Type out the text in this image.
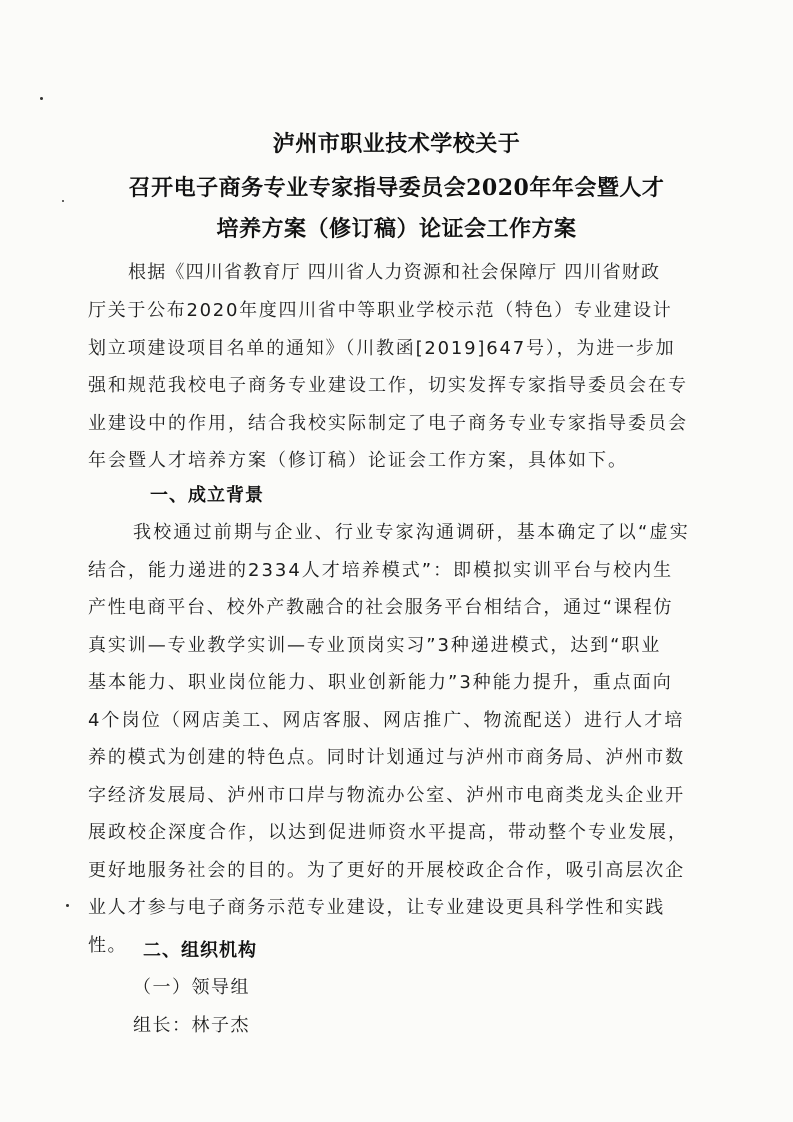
泸州市职业技术学校关于
召开电子商务专业专家指导委员会2020年年会暨人才
培养方案（修订稿）论证会工作方案
根据《四川省教育厅 四川省人力资源和社会保障厅 四川省财政
厅关于公布2020年度四川省中等职业学校示范（特色）专业建设计
划立项建设项目名单的通知》（川教函[2019]647号），为进一步加
强和规范我校电子商务专业建设工作，切实发挥专家指导委员会在专
业建设中的作用，结合我校实际制定了电子商务专业专家指导委员会
年会暨人才培养方案（修订稿）论证会工作方案，具体如下。
一、成立背景
我校通过前期与企业、行业专家沟通调研，基本确定了以“虚实
结合，能力递进的2334人才培养模式”：即模拟实训平台与校内生
产性电商平台、校外产教融合的社会服务平台相结合，通过“课程仿
真实训—专业教学实训—专业顶岗实习”3种递进模式，达到“职业
基本能力、职业岗位能力、职业创新能力”3种能力提升，重点面向
4个岗位（网店美工、网店客服、网店推广、物流配送）进行人才培
养的模式为创建的特色点。同时计划通过与泸州市商务局、泸州市数
字经济发展局、泸州市口岸与物流办公室、泸州市电商类龙头企业开
展政校企深度合作，以达到促进师资水平提高，带动整个专业发展，
更好地服务社会的目的。为了更好的开展校政企合作，吸引高层次企
业人才参与电子商务示范专业建设，让专业建设更具科学性和实践
性。 二、组织机构
（一）领导组
组长：林子杰
